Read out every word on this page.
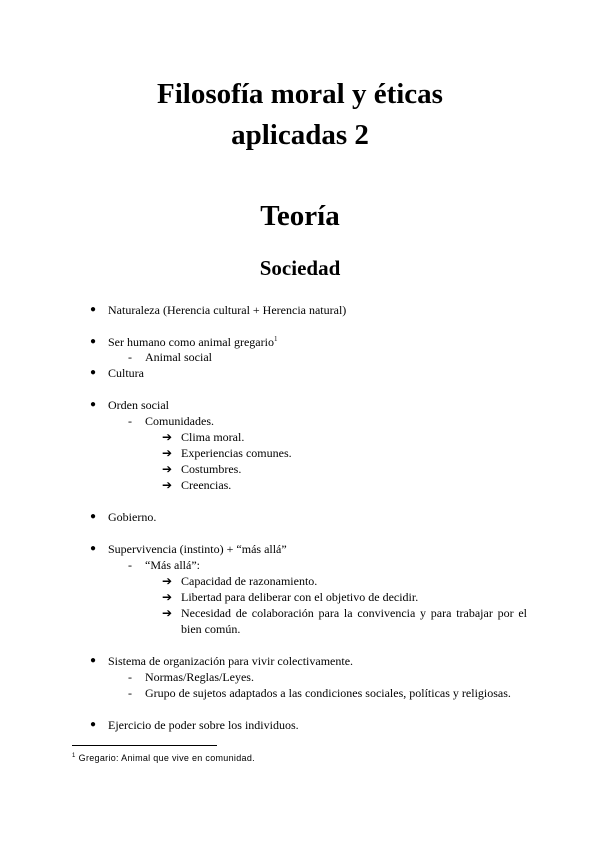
Filosofía moral y éticas
aplicadas 2
Teoría
Sociedad
● Naturaleza (Herencia cultural + Herencia natural)
● Ser humano como animal gregario$^1$
- Animal social
● Cultura
● Orden social
- Comunidades.
➔ Clima moral.
➔ Experiencias comunes.
➔ Costumbres.
➔ Creencias.
● Gobierno.
● Supervivencia (instinto) + “más allá”
- “Más allá”:
➔ Capacidad de razonamiento.
➔ Libertad para deliberar con el objetivo de decidir.
➔ Necesidad de colaboración para la convivencia y para trabajar por el bien común.
● Sistema de organización para vivir colectivamente.
- Normas/Reglas/Leyes.
- Grupo de sujetos adaptados a las condiciones sociales, políticas y religiosas.
● Ejercicio de poder sobre los individuos.
$^1$ Gregario: Animal que vive en comunidad.
